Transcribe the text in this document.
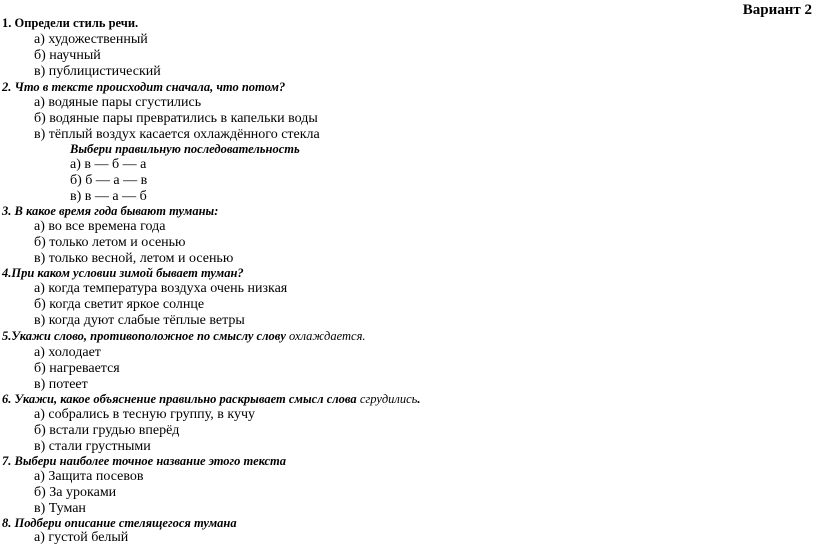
Вариант 2
1. Определи стиль речи.
а) художественный
б) научный
в) публицистический
2. Что в тексте происходит сначала, что потом?
а) водяные пары сгустились
б) водяные пары превратились в капельки воды
в) тёплый воздух касается охлаждённого стекла
Выбери правильную последовательность
а) в — б — а
б) б — а — в
в) в — а — б
3. В какое время года бывают туманы:
а) во все времена года
б) только летом и осенью
в) только весной, летом и осенью
4.При каком условии зимой бывает туман?
а) когда температура воздуха очень низкая
б) когда светит яркое солнце
в) когда дуют слабые тёплые ветры
5.Укажи слово, противоположное по смыслу слову охлаждается.
а) холодает
б) нагревается
в) потеет
6. Укажи, какое объяснение правильно раскрывает смысл слова сгрудились.
а) собрались в тесную группу, в кучу
б) встали грудью вперёд
в) стали грустными
7. Выбери наиболее точное название этого текста
а) Защита посевов
б) За уроками
в) Туман
8. Подбери описание стелящегося тумана
а) густой белый
